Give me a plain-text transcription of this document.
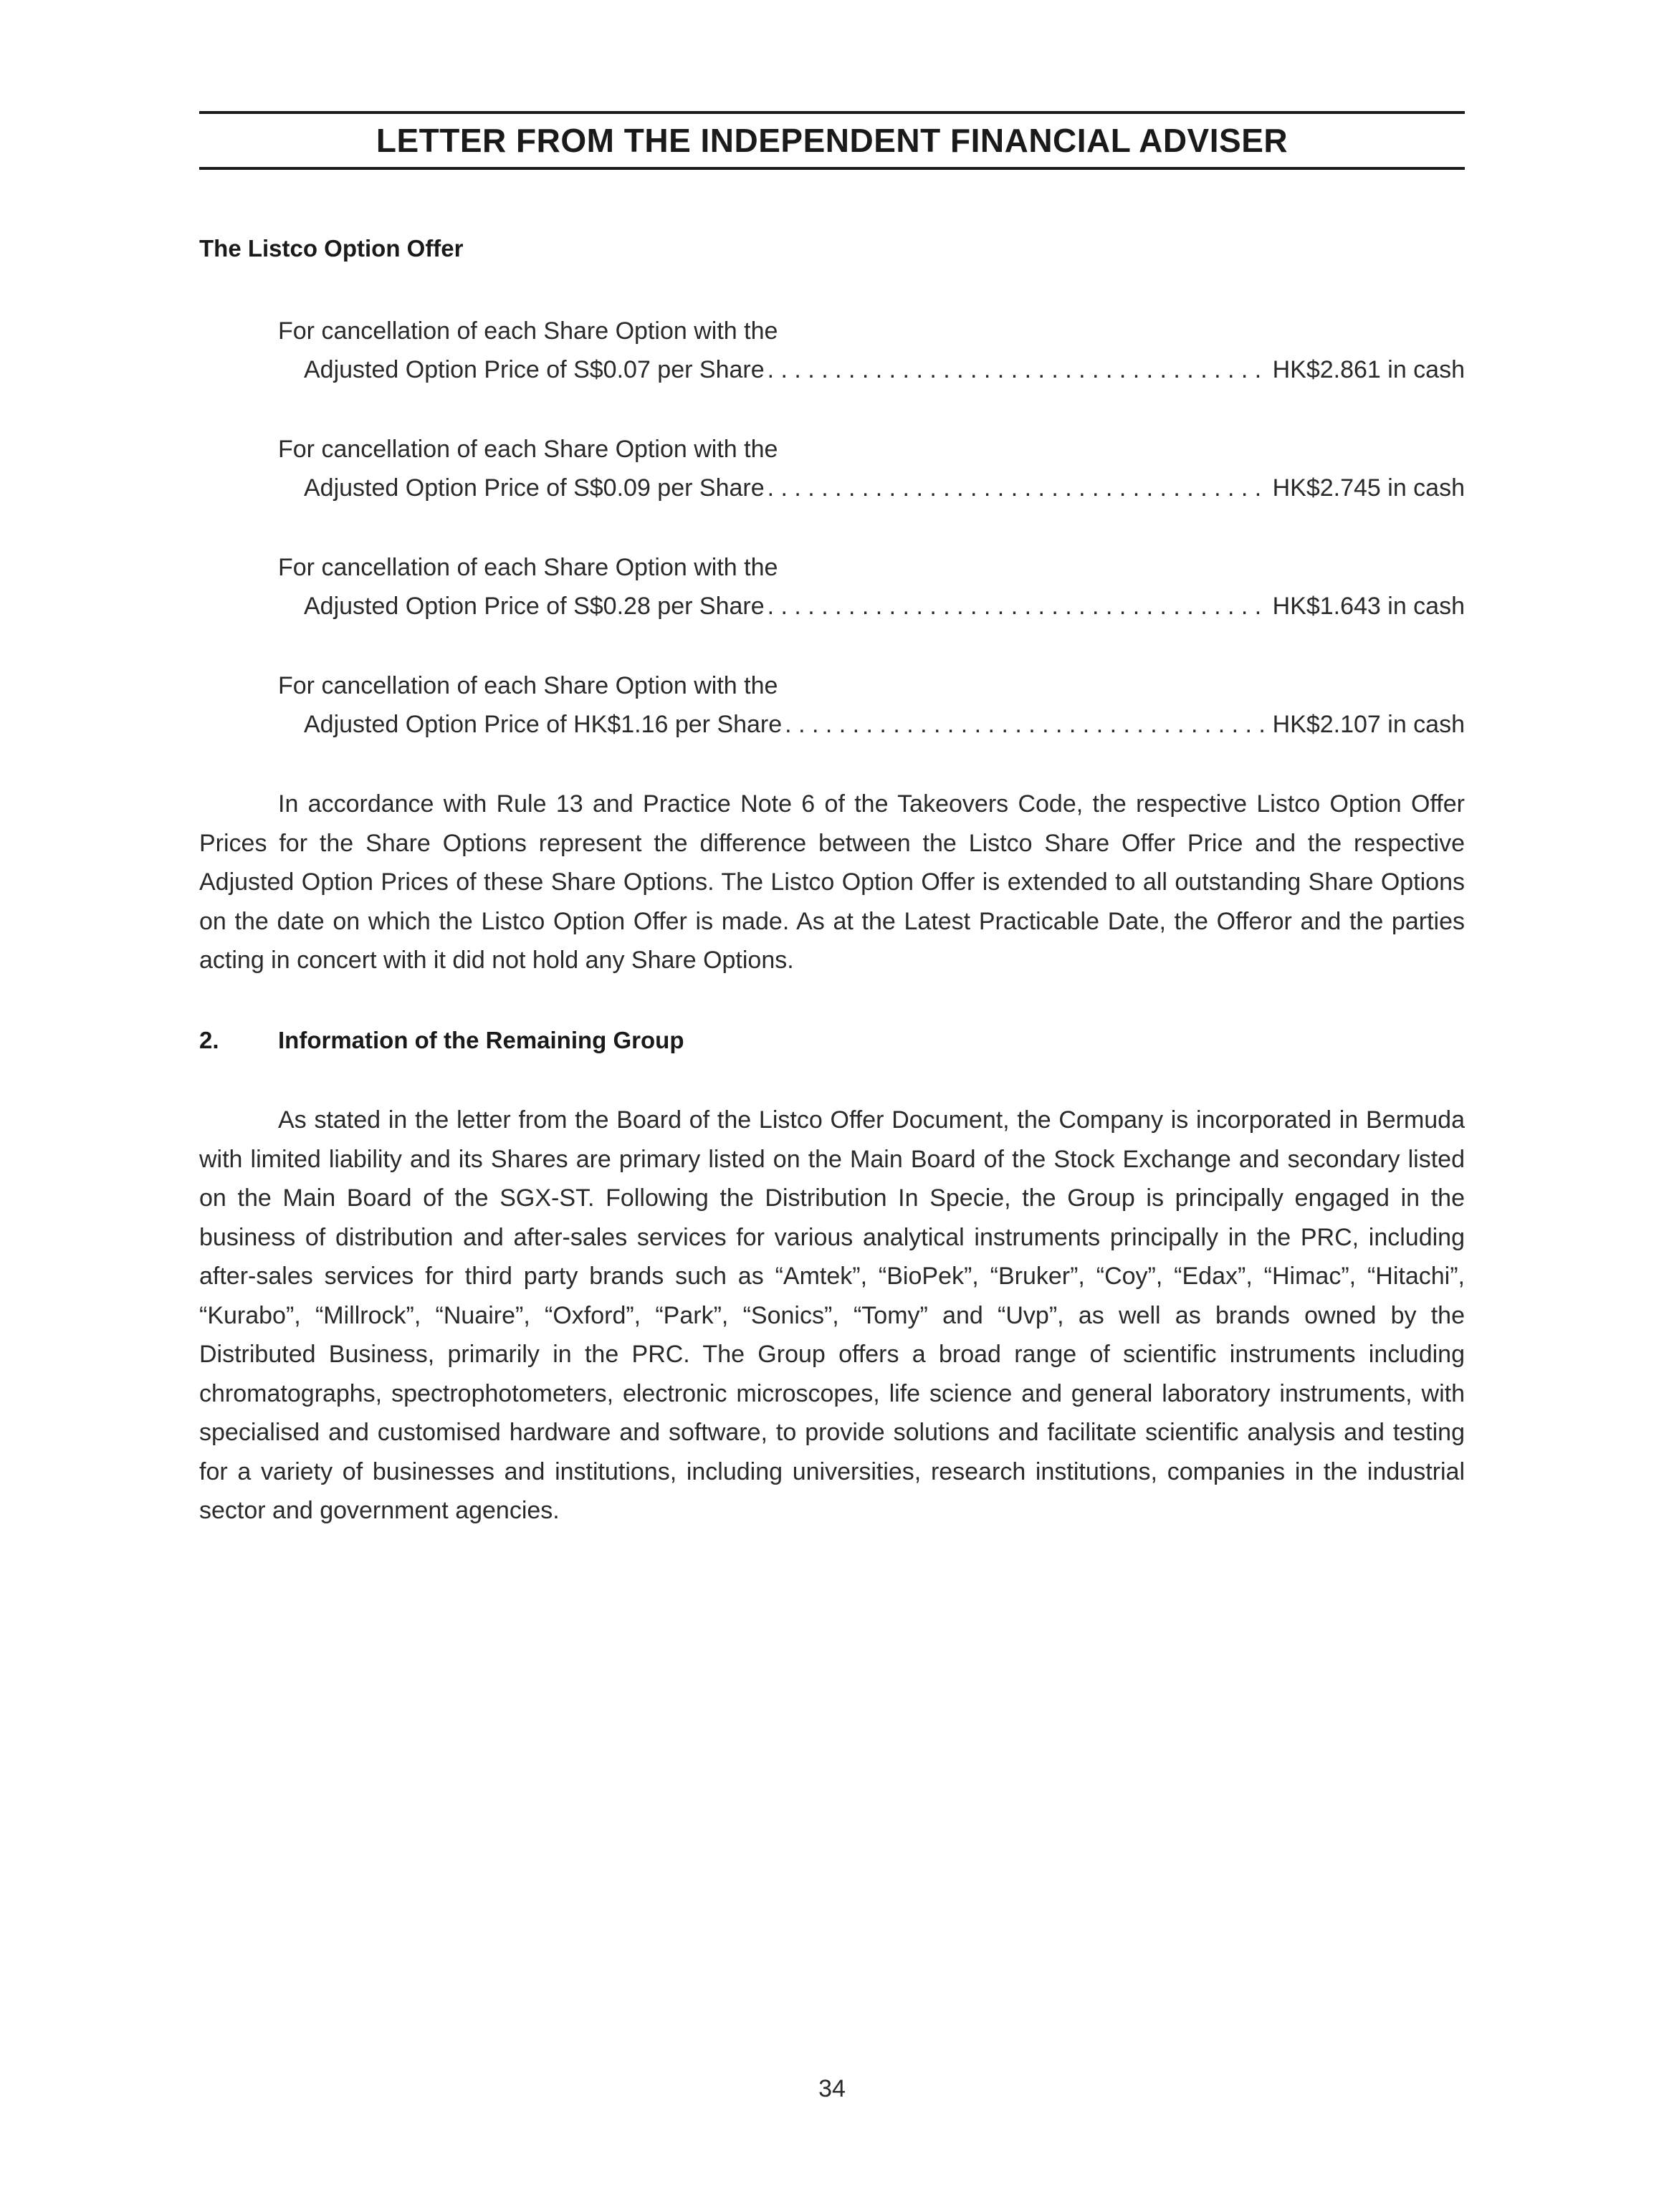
LETTER FROM THE INDEPENDENT FINANCIAL ADVISER
The Listco Option Offer
For cancellation of each Share Option with the
Adjusted Option Price of S$0.07 per Share . . .	HK$2.861 in cash
For cancellation of each Share Option with the
Adjusted Option Price of S$0.09 per Share . . .	HK$2.745 in cash
For cancellation of each Share Option with the
Adjusted Option Price of S$0.28 per Share . . .	HK$1.643 in cash
For cancellation of each Share Option with the
Adjusted Option Price of HK$1.16 per Share . . .	HK$2.107 in cash

In accordance with Rule 13 and Practice Note 6 of the Takeovers Code, the respective Listco Option Offer Prices for the Share Options represent the difference between the Listco Share Offer Price and the respective Adjusted Option Prices of these Share Options. The Listco Option Offer is extended to all outstanding Share Options on the date on which the Listco Option Offer is made. As at the Latest Practicable Date, the Offeror and the parties acting in concert with it did not hold any Share Options.

2. Information of the Remaining Group

As stated in the letter from the Board of the Listco Offer Document, the Company is incorporated in Bermuda with limited liability and its Shares are primary listed on the Main Board of the Stock Exchange and secondary listed on the Main Board of the SGX-ST. Following the Distribution In Specie, the Group is principally engaged in the business of distribution and after-sales services for various analytical instruments principally in the PRC, including after-sales services for third party brands such as “Amtek”, “BioPek”, “Bruker”, “Coy”, “Edax”, “Himac”, “Hitachi”, “Kurabo”, “Millrock”, “Nuaire”, “Oxford”, “Park”, “Sonics”, “Tomy” and “Uvp”, as well as brands owned by the Distributed Business, primarily in the PRC. The Group offers a broad range of scientific instruments including chromatographs, spectrophotometers, electronic microscopes, life science and general laboratory instruments, with specialised and customised hardware and software, to provide solutions and facilitate scientific analysis and testing for a variety of businesses and institutions, including universities, research institutions, companies in the industrial sector and government agencies.

34
